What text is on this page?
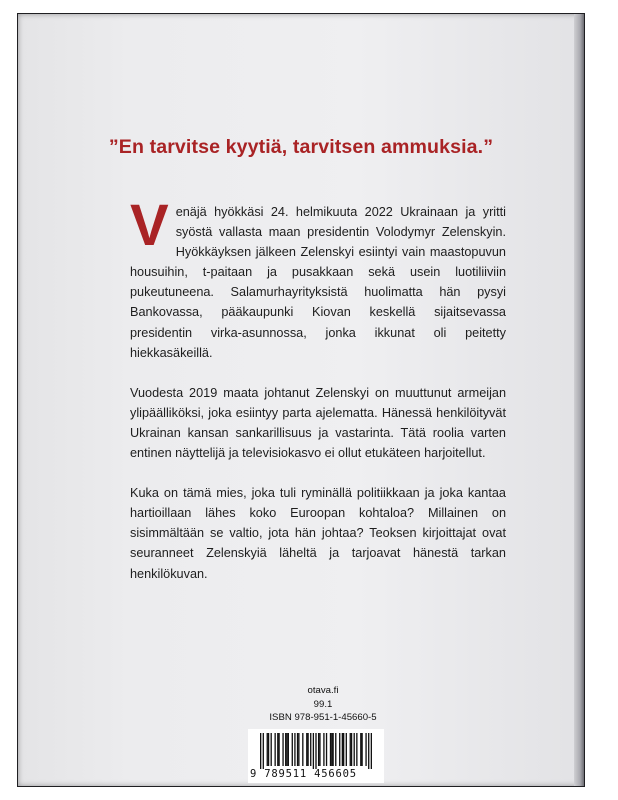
”En tarvitse kyytiä, tarvitsen ammuksia.”

Venäjä hyökkäsi 24. helmikuuta 2022 Ukrainaan ja yritti syöstä vallasta maan presidentin Volodymyr Zelenskyin. Hyökkäyksen jälkeen Zelenskyi esiintyi vain maastopuvun housuihin, t-paitaan ja pusakkaan sekä usein luotiliiviin pukeutuneena. Salamurhayrityksistä huolimatta hän pysyi Bankovassa, pääkaupunki Kiovan keskellä sijaitsevassa presidentin virka-asunnossa, jonka ikkunat oli peitetty hiekkasäkeillä.

Vuodesta 2019 maata johtanut Zelenskyi on muuttunut armeijan ylipäälliköksi, joka esiintyy parta ajelematta. Hänessä henkilöityvät Ukrainan kansan sankarillisuus ja vastarinta. Tätä roolia varten entinen näyttelijä ja televisiokasvo ei ollut etukäteen harjoitellut.

Kuka on tämä mies, joka tuli ryminällä politiikkaan ja joka kantaa hartioillaan lähes koko Euroopan kohtaloa? Millainen on sisimmältään se valtio, jota hän johtaa? Teoksen kirjoittajat ovat seuranneet Zelenskyiä läheltä ja tarjoavat hänestä tarkan henkilökuvan.

otava.fi
99.1
ISBN 978-951-1-45660-5
9 789511 456605
